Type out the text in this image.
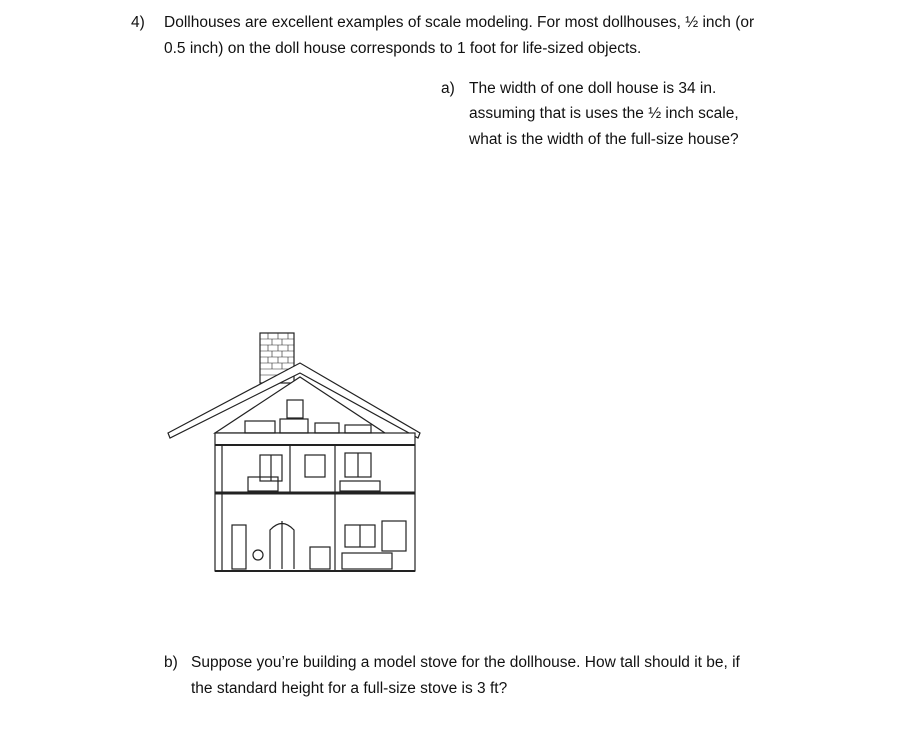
4) Dollhouses are excellent examples of scale modeling. For most dollhouses, ½ inch (or
0.5 inch) on the doll house corresponds to 1 foot for life-sized objects.
a) The width of one doll house is 34 in.
assuming that is uses the ½ inch scale,
what is the width of the full-size house?
b) Suppose you’re building a model stove for the dollhouse. How tall should it be, if
the standard height for a full-size stove is 3 ft?
